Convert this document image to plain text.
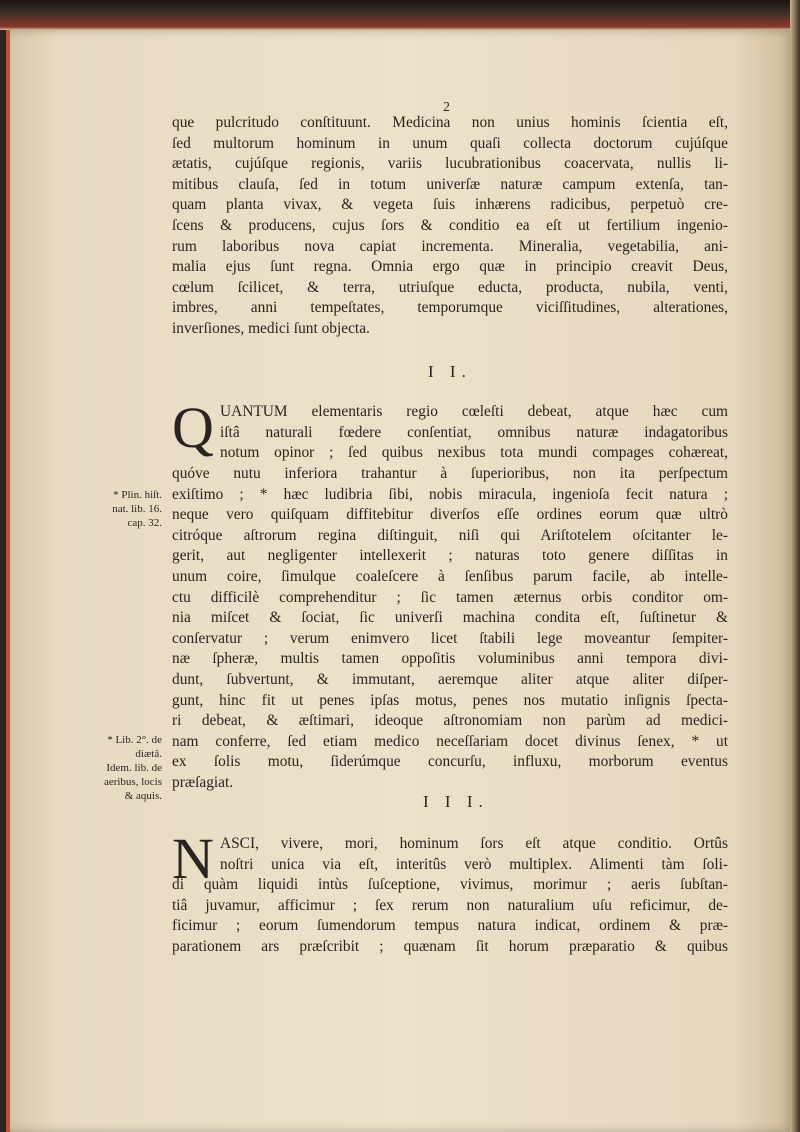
2
que pulcritudo conſtituunt. Medicina non unius hominis ſcientia eſt,
ſed multorum hominum in unum quaſi collecta doctorum cujúſque
ætatis, cujúſque regionis, variis lucubrationibus coacervata, nullis li-
mitibus clauſa, ſed in totum univerſæ naturæ campum extenſa, tan-
quam planta vivax, & vegeta ſuis inhærens radicibus, perpetuò cre-
ſcens & producens, cujus ſors & conditio ea eſt ut fertilium ingenio-
rum laboribus nova capiat incrementa. Mineralia, vegetabilia, ani-
malia ejus ſunt regna. Omnia ergo quæ in principio creavit Deus,
cœlum ſcilicet, & terra, utriuſque educta, producta, nubila, venti,
imbres, anni tempeſtates, temporumque viciſſitudines, alterationes,
inverſiones, medici ſunt objecta.
I I.
Q UANTUM elementaris regio cœleſti debeat, atque hæc cum
iſtâ naturali fœdere conſentiat, omnibus naturæ indagatoribus
notum opinor ; ſed quibus nexibus tota mundi compages cohæreat,
quóve nutu inferiora trahantur à ſuperioribus, non ita perſpectum
exiſtimo ; * hæc ludibria ſibi, nobis miracula, ingenioſa fecit natura ;
neque vero quiſquam diffitebitur diverſos eſſe ordines eorum quæ ultrò
citróque aſtrorum regina diſtinguit, niſi qui Ariſtotelem oſcitanter le-
gerit, aut negligenter intellexerit ; naturas toto genere diſſitas in
unum coire, ſimulque coaleſcere à ſenſibus parum facile, ab intelle-
ctu difficilè comprehenditur ; ſic tamen æternus orbis conditor om-
nia miſcet & ſociat, ſic univerſi machina condita eſt, ſuſtinetur &
conſervatur ; verum enimvero licet ſtabili lege moveantur ſempiter-
næ ſpheræ, multis tamen oppoſitis voluminibus anni tempora divi-
dunt, ſubvertunt, & immutant, aeremque aliter atque aliter diſper-
gunt, hinc fit ut penes ipſas motus, penes nos mutatio inſignis ſpecta-
ri debeat, & æſtimari, ideoque aſtronomiam non parùm ad medici-
nam conferre, ſed etiam medico neceſſariam docet divinus ſenex, * ut
ex ſolis motu, ſiderúmque concurſu, influxu, morborum eventus
præſagiat.
* Plin. hiſt.
nat. lib. 16.
cap. 32.
* Lib. 2°. de
diætâ.
Idem. lib. de
aeribus, locis
& aquis.	I I I.
N ASCI, vivere, mori, hominum ſors eſt atque conditio. Ortûs
noſtri unica via eſt, interitûs verò multiplex. Alimenti tàm ſoli-
di quàm liquidi intùs ſuſceptione, vivimus, morimur ; aeris ſubſtan-
tiâ juvamur, afficimur ; ſex rerum non naturalium uſu reficimur, de-
ficimur ; eorum ſumendorum tempus natura indicat, ordinem & præ-
parationem ars præſcribit ; quænam ſit horum præparatio & quibus
